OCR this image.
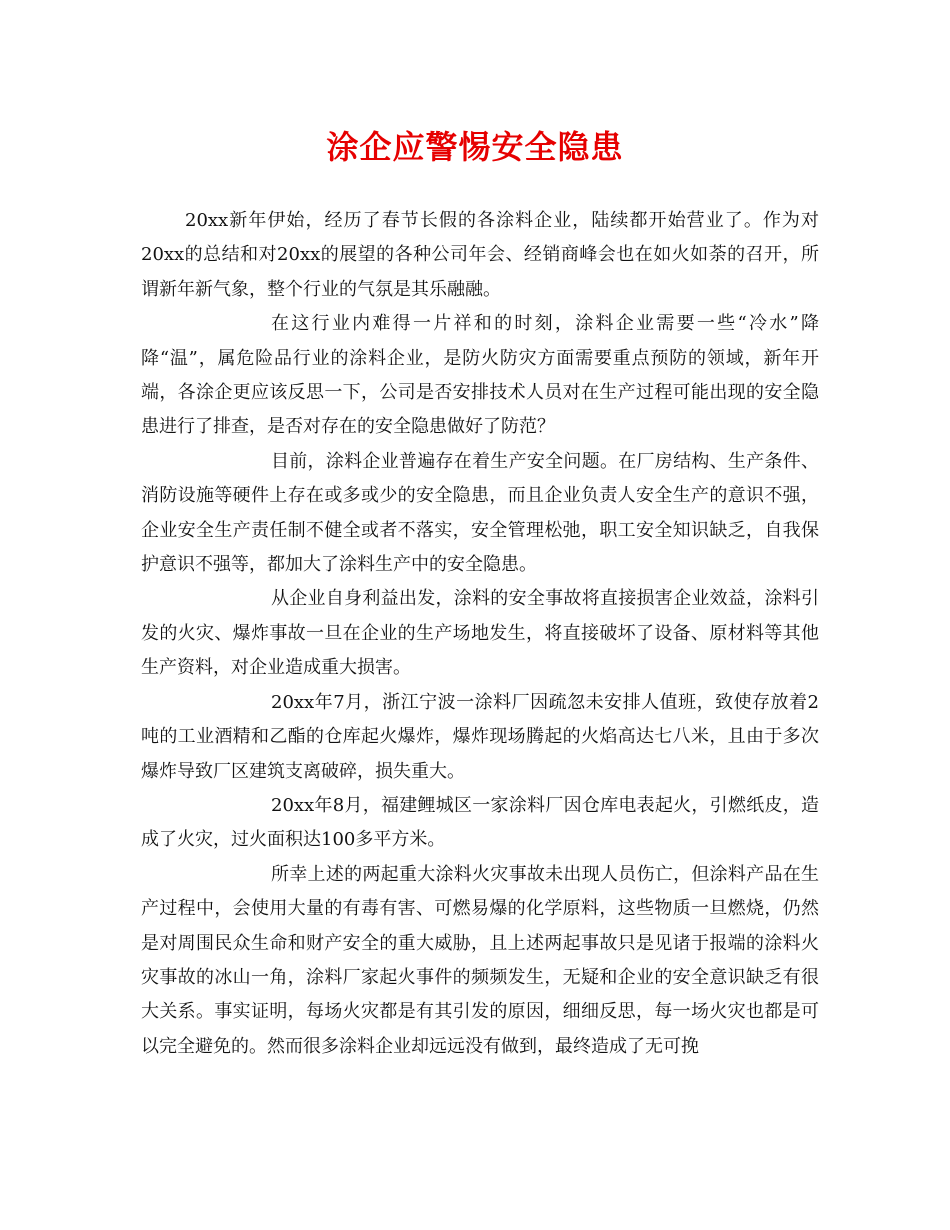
涂企应警惕安全隐患

20xx新年伊始，经历了春节长假的各涂料企业，陆续都开始营业了。作为对20xx的总结和对20xx的展望的各种公司年会、经销商峰会也在如火如荼的召开，所谓新年新气象，整个行业的气氛是其乐融融。

在这行业内难得一片祥和的时刻，涂料企业需要一些“冷水”降降“温”，属危险品行业的涂料企业，是防火防灾方面需要重点预防的领域，新年开端，各涂企更应该反思一下，公司是否安排技术人员对在生产过程可能出现的安全隐患进行了排查，是否对存在的安全隐患做好了防范？

目前，涂料企业普遍存在着生产安全问题。在厂房结构、生产条件、消防设施等硬件上存在或多或少的安全隐患，而且企业负责人安全生产的意识不强，企业安全生产责任制不健全或者不落实，安全管理松弛，职工安全知识缺乏，自我保护意识不强等，都加大了涂料生产中的安全隐患。

从企业自身利益出发，涂料的安全事故将直接损害企业效益，涂料引发的火灾、爆炸事故一旦在企业的生产场地发生，将直接破坏了设备、原材料等其他生产资料，对企业造成重大损害。

20xx年7月，浙江宁波一涂料厂因疏忽未安排人值班，致使存放着2吨的工业酒精和乙酯的仓库起火爆炸，爆炸现场腾起的火焰高达七八米，且由于多次爆炸导致厂区建筑支离破碎，损失重大。

20xx年8月，福建鲤城区一家涂料厂因仓库电表起火，引燃纸皮，造成了火灾，过火面积达100多平方米。

所幸上述的两起重大涂料火灾事故未出现人员伤亡，但涂料产品在生产过程中，会使用大量的有毒有害、可燃易爆的化学原料，这些物质一旦燃烧，仍然是对周围民众生命和财产安全的重大威胁，且上述两起事故只是见诸于报端的涂料火灾事故的冰山一角，涂料厂家起火事件的频频发生，无疑和企业的安全意识缺乏有很大关系。事实证明，每场火灾都是有其引发的原因，细细反思，每一场火灾也都是可以完全避免的。然而很多涂料企业却远远没有做到，最终造成了无可挽
